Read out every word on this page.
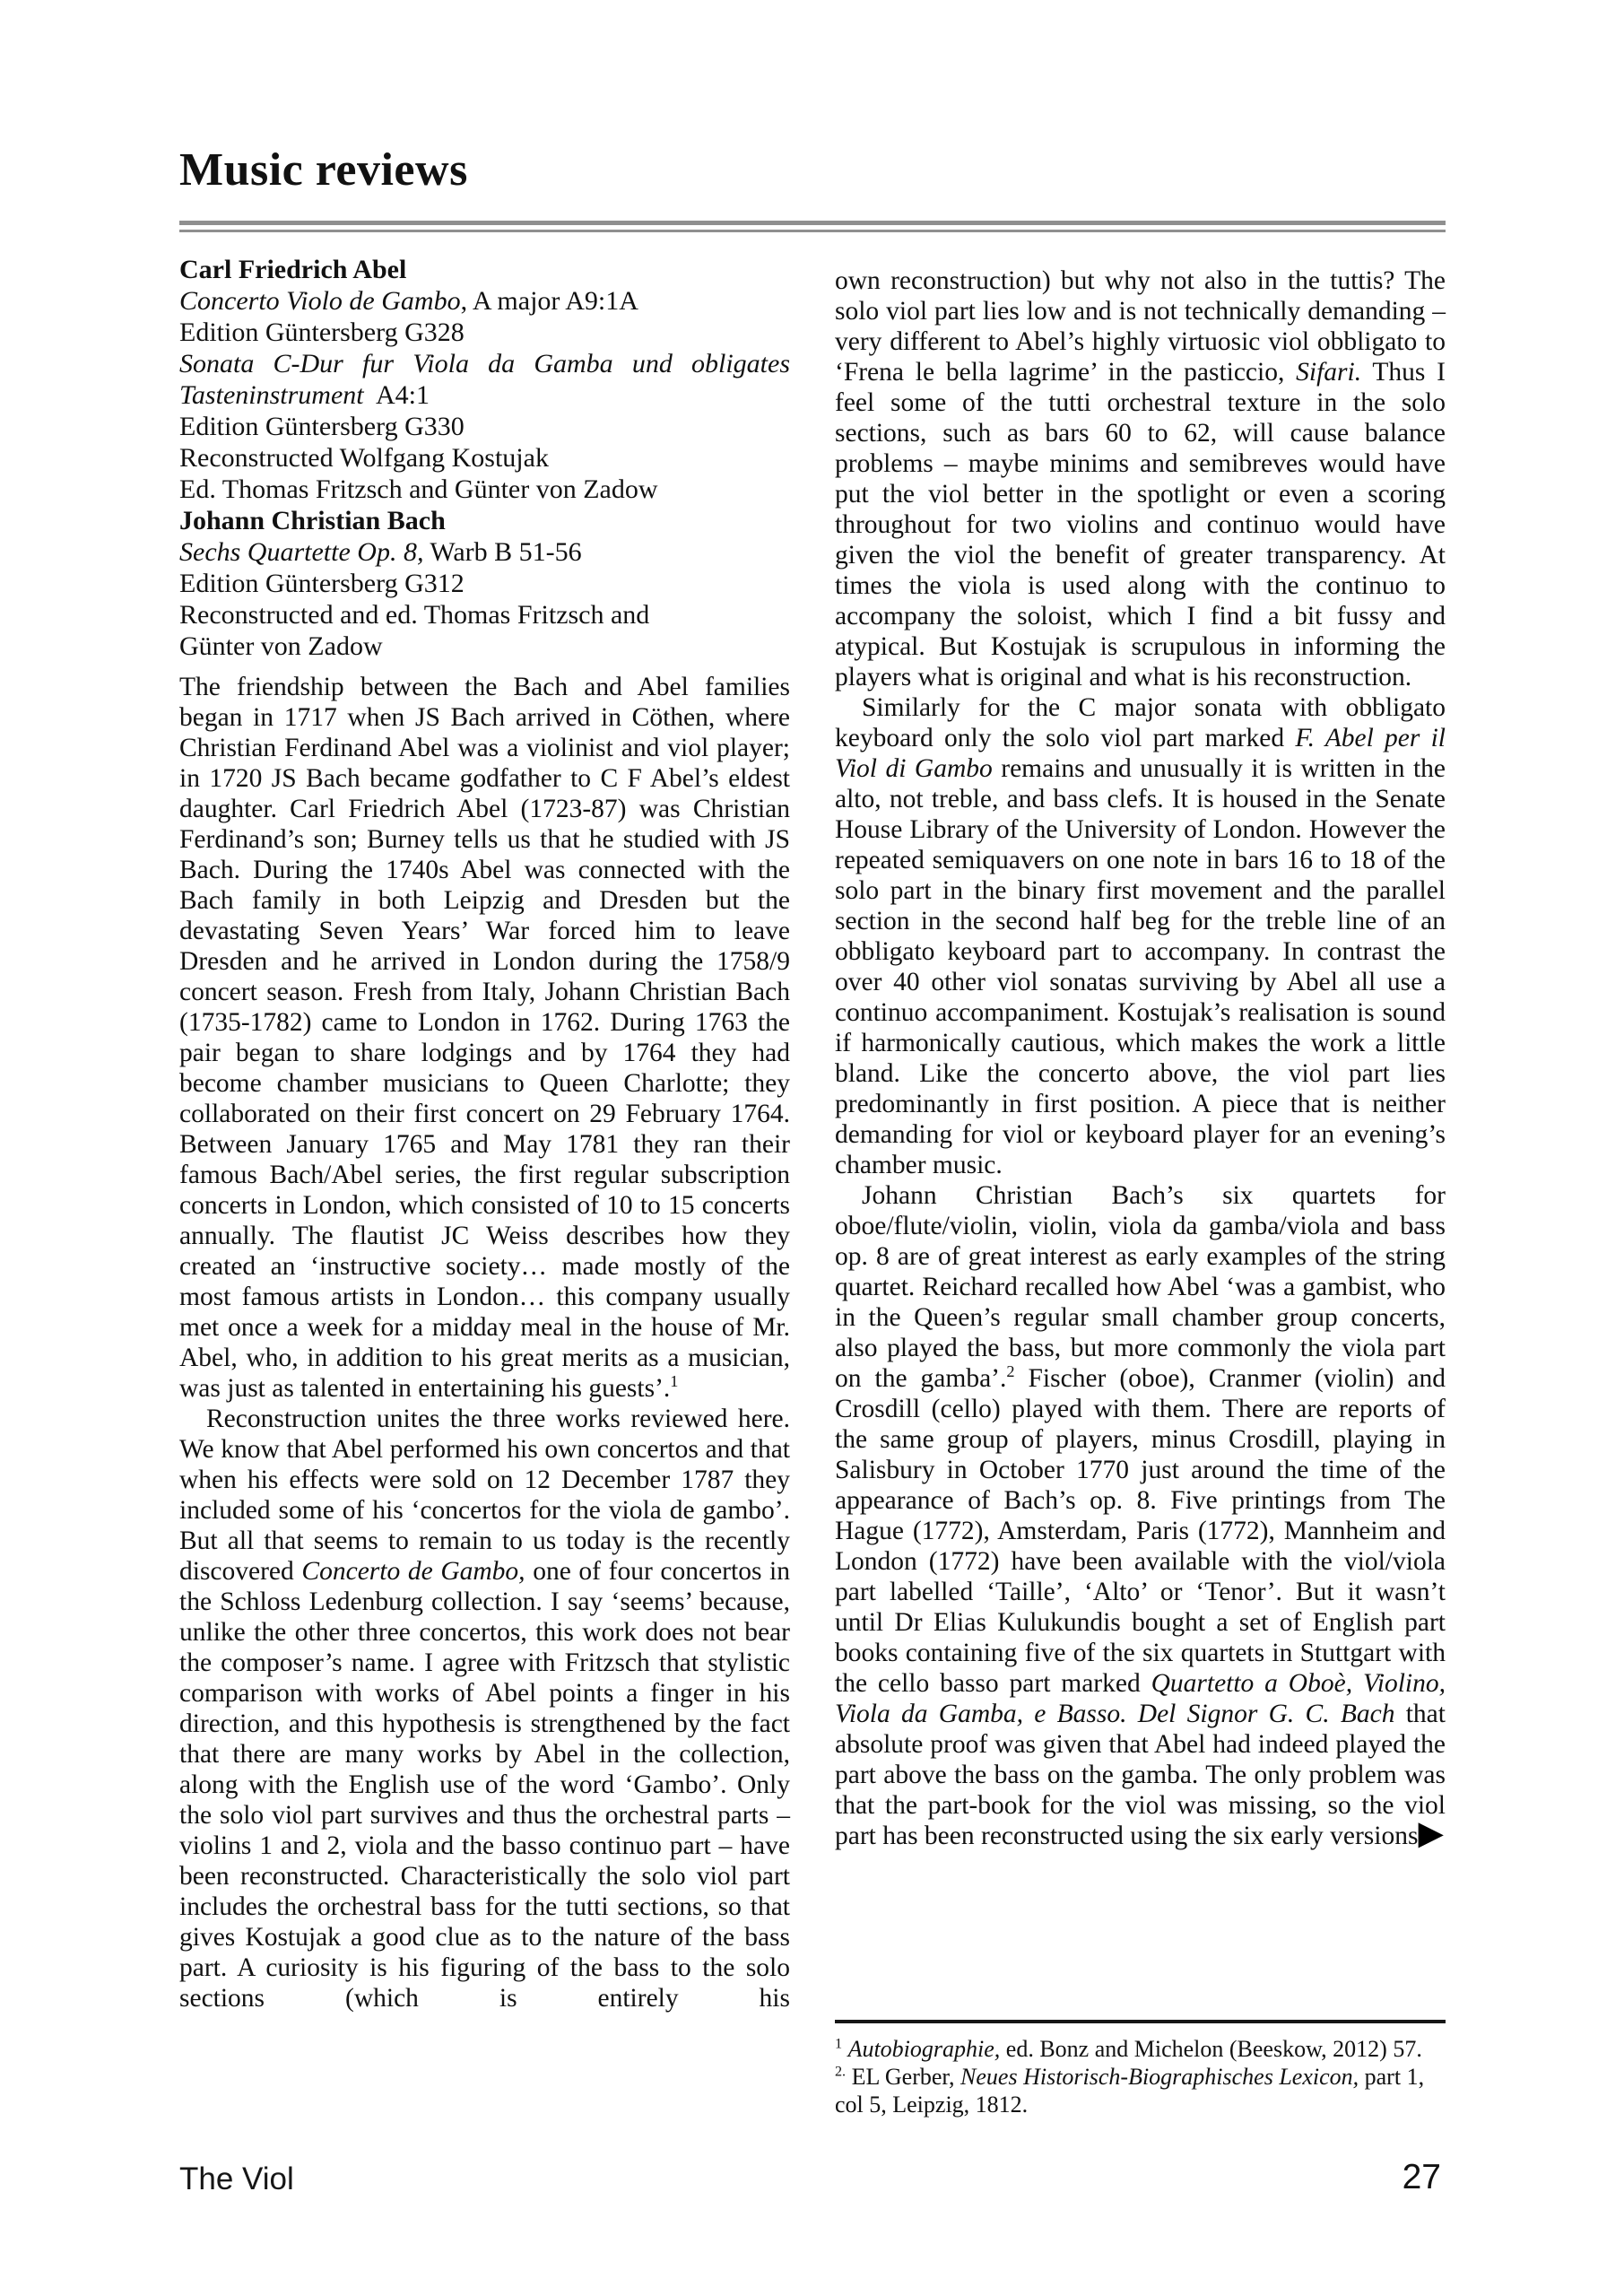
Music reviews
Carl Friedrich Abel
Concerto Violo de Gambo, A major A9:1A
Edition Güntersberg G328
Sonata C-Dur fur Viola da Gamba und obligates
Tasteninstrument  A4:1
Edition Güntersberg G330
Reconstructed Wolfgang Kostujak
Ed. Thomas Fritzsch and Günter von Zadow
Johann Christian Bach
Sechs Quartette Op. 8, Warb B 51-56
Edition Güntersberg G312
Reconstructed and ed. Thomas Fritzsch and
Günter von Zadow

The friendship between the Bach and Abel families began in 1717 when JS Bach arrived in Cöthen, where Christian Ferdinand Abel was a violinist and viol player; in 1720 JS Bach became godfather to C F Abel’s eldest daughter. Carl Friedrich Abel (1723-87) was Christian Ferdinand’s son; Burney tells us that he studied with JS Bach. During the 1740s Abel was connected with the Bach family in both Leipzig and Dresden but the devastating Seven Years’ War forced him to leave Dresden and he arrived in London during the 1758/9 concert season. Fresh from Italy, Johann Christian Bach (1735-1782) came to London in 1762. During 1763 the pair began to share lodgings and by 1764 they had become chamber musicians to Queen Charlotte; they collaborated on their first concert on 29 February 1764. Between January 1765 and May 1781 they ran their famous Bach/Abel series, the first regular subscription concerts in London, which consisted of 10 to 15 concerts annually. The flautist JC Weiss describes how they created an ‘instructive society… made mostly of the most famous artists in London… this company usually met once a week for a midday meal in the house of Mr. Abel, who, in addition to his great merits as a musician, was just as talented in entertaining his guests’.$^1$

Reconstruction unites the three works reviewed here. We know that Abel performed his own concertos and that when his effects were sold on 12 December 1787 they included some of his ‘concertos for the viola de gambo’. But all that seems to remain to us today is the recently discovered Concerto de Gambo, one of four concertos in the Schloss Ledenburg collection. I say ‘seems’ because, unlike the other three concertos, this work does not bear the composer’s name. I agree with Fritzsch that stylistic comparison with works of Abel points a finger in his direction, and this hypothesis is strengthened by the fact that there are many works by Abel in the collection, along with the English use of the word ‘Gambo’. Only the solo viol part survives and thus the orchestral parts – violins 1 and 2, viola and the basso continuo part – have been reconstructed. Characteristically the solo viol part includes the orchestral bass for the tutti sections, so that gives Kostujak a good clue as to the nature of the bass part. A curiosity is his figuring of the bass to the solo sections (which is entirely his

own reconstruction) but why not also in the tuttis? The solo viol part lies low and is not technically demanding – very different to Abel’s highly virtuosic viol obbligato to ‘Frena le bella lagrime’ in the pasticcio, Sifari. Thus I feel some of the tutti orchestral texture in the solo sections, such as bars 60 to 62, will cause balance problems – maybe minims and semibreves would have put the viol better in the spotlight or even a scoring throughout for two violins and continuo would have given the viol the benefit of greater transparency. At times the viola is used along with the continuo to accompany the soloist, which I find a bit fussy and atypical. But Kostujak is scrupulous in informing the players what is original and what is his reconstruction.

Similarly for the C major sonata with obbligato keyboard only the solo viol part marked F. Abel per il Viol di Gambo remains and unusually it is written in the alto, not treble, and bass clefs. It is housed in the Senate House Library of the University of London. However the repeated semiquavers on one note in bars 16 to 18 of the solo part in the binary first movement and the parallel section in the second half beg for the treble line of an obbligato keyboard part to accompany. In contrast the over 40 other viol sonatas surviving by Abel all use a continuo accompaniment. Kostujak’s realisation is sound if harmonically cautious, which makes the work a little bland. Like the concerto above, the viol part lies predominantly in first position. A piece that is neither demanding for viol or keyboard player for an evening’s chamber music.

Johann Christian Bach’s six quartets for oboe/flute/violin, violin, viola da gamba/viola and bass op. 8 are of great interest as early examples of the string quartet. Reichard recalled how Abel ‘was a gambist, who in the Queen’s regular small chamber group concerts, also played the bass, but more commonly the viola part on the gamba’.$^2$ Fischer (oboe), Cranmer (violin) and Crosdill (cello) played with them. There are reports of the same group of players, minus Crosdill, playing in Salisbury in October 1770 just around the time of the appearance of Bach’s op. 8. Five printings from The Hague (1772), Amsterdam, Paris (1772), Mannheim and London (1772) have been available with the viol/viola part labelled ‘Taille’, ‘Alto’ or ‘Tenor’. But it wasn’t until Dr Elias Kulukundis bought a set of English part books containing five of the six quartets in Stuttgart with the cello basso part marked Quartetto a Oboè, Violino, Viola da Gamba, e Basso. Del Signor G. C. Bach that absolute proof was given that Abel had indeed played the part above the bass on the gamba. The only problem was that the part-book for the viol was missing, so the viol part has been reconstructed using the six early versions.
▶

$^1$ Autobiographie, ed. Bonz and Michelon (Beeskow, 2012) 57.

$^{2.}$ EL Gerber, Neues Historisch-Biographisches Lexicon, part 1, col 5, Leipzig, 1812.

The Viol	27
